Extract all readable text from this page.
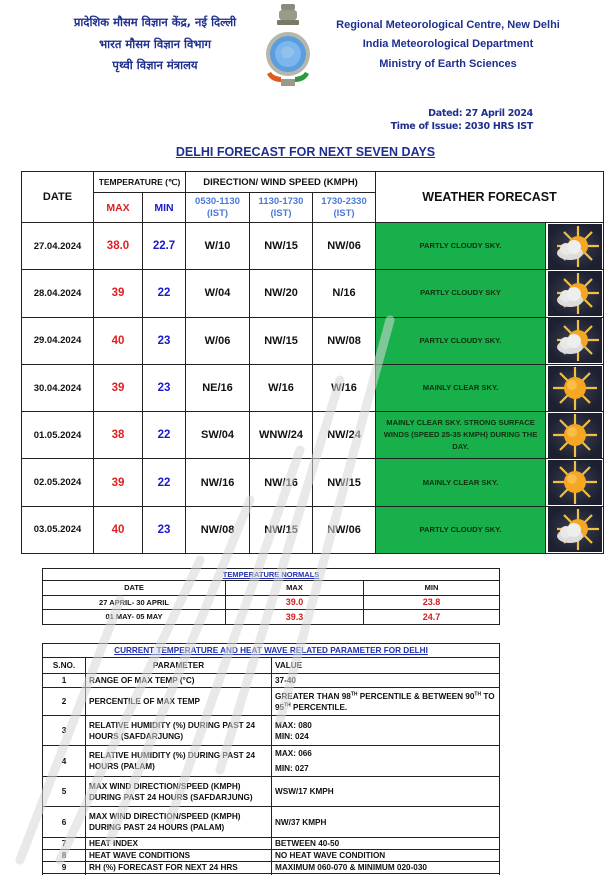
प्रादेशिक मौसम विज्ञान केंद्र, नई दिल्ली
भारत मौसम विज्ञान विभाग
पृथ्वी विज्ञान मंत्रालय
Regional Meteorological Centre, New Delhi
India Meteorological Department
Ministry of Earth Sciences
Dated: 27 April 2024
Time of Issue: 2030 HRS IST
DELHI FORECAST FOR NEXT SEVEN DAYS
DATE	TEMPERATURE (℃)		DIRECTION/ WIND SPEED (KMPH)			WEATHER FORECAST	
	MAX	MIN	0530-1130 (IST)	1130-1730 (IST)	1730-2330 (IST)		
27.04.2024	38.0	22.7	W/10	NW/15	NW/06	PARTLY CLOUDY SKY.	

28.04.2024	39	22	W/04	NW/20	N/16	PARTLY CLOUDY SKY	

29.04.2024	40	23	W/06	NW/15	NW/08	PARTLY CLOUDY SKY.	

30.04.2024	39	23	NE/16	W/16	W/16	MAINLY CLEAR SKY.	

01.05.2024	38	22	SW/04	WNW/24	NW/24	MAINLY CLEAR SKY. STRONG SURFACE WINDS (SPEED 25-35 KMPH) DURING THE DAY.	

02.05.2024	39	22	NW/16	NW/16	NW/15	MAINLY CLEAR SKY.	

03.05.2024	40	23	NW/08	NW/15	NW/06	PARTLY CLOUDY SKY.	
TEMPERATURE NORMALS		
DATE	MAX	MIN
27 APRIL- 30 APRIL	39.0	23.8
01 MAY- 05 MAY	39.3	24.7
CURRENT TEMPERATURE AND HEAT WAVE RELATED PARAMETER FOR DELHI		
S.NO.	PARAMETER	VALUE
1	RANGE OF MAX TEMP (°C)	37-40
2	PERCENTILE OF MAX TEMP	GREATER THAN 98TH PERCENTILE & BETWEEN 90TH TO 95TH PERCENTILE.
3	RELATIVE HUMIDITY (%) DURING PAST 24 HOURS (SAFDARJUNG)	MAX: 080
MIN: 024

4	RELATIVE HUMIDITY (%) DURING PAST 24 HOURS (PALAM)	MAX: 066
MIN: 027

5	MAX WIND DIRECTION/SPEED (KMPH) DURING PAST 24 HOURS (SAFDARJUNG)	WSW/17 KMPH
6	MAX WIND DIRECTION/SPEED (KMPH) DURING PAST 24 HOURS (PALAM)	NW/37 KMPH
7	HEAT INDEX	BETWEEN 40-50
8	HEAT WAVE CONDITIONS	NO HEAT WAVE CONDITION
9	RH (%) FORECAST FOR NEXT 24 HRS	MAXIMUM 060-070 & MINIMUM 020-030
